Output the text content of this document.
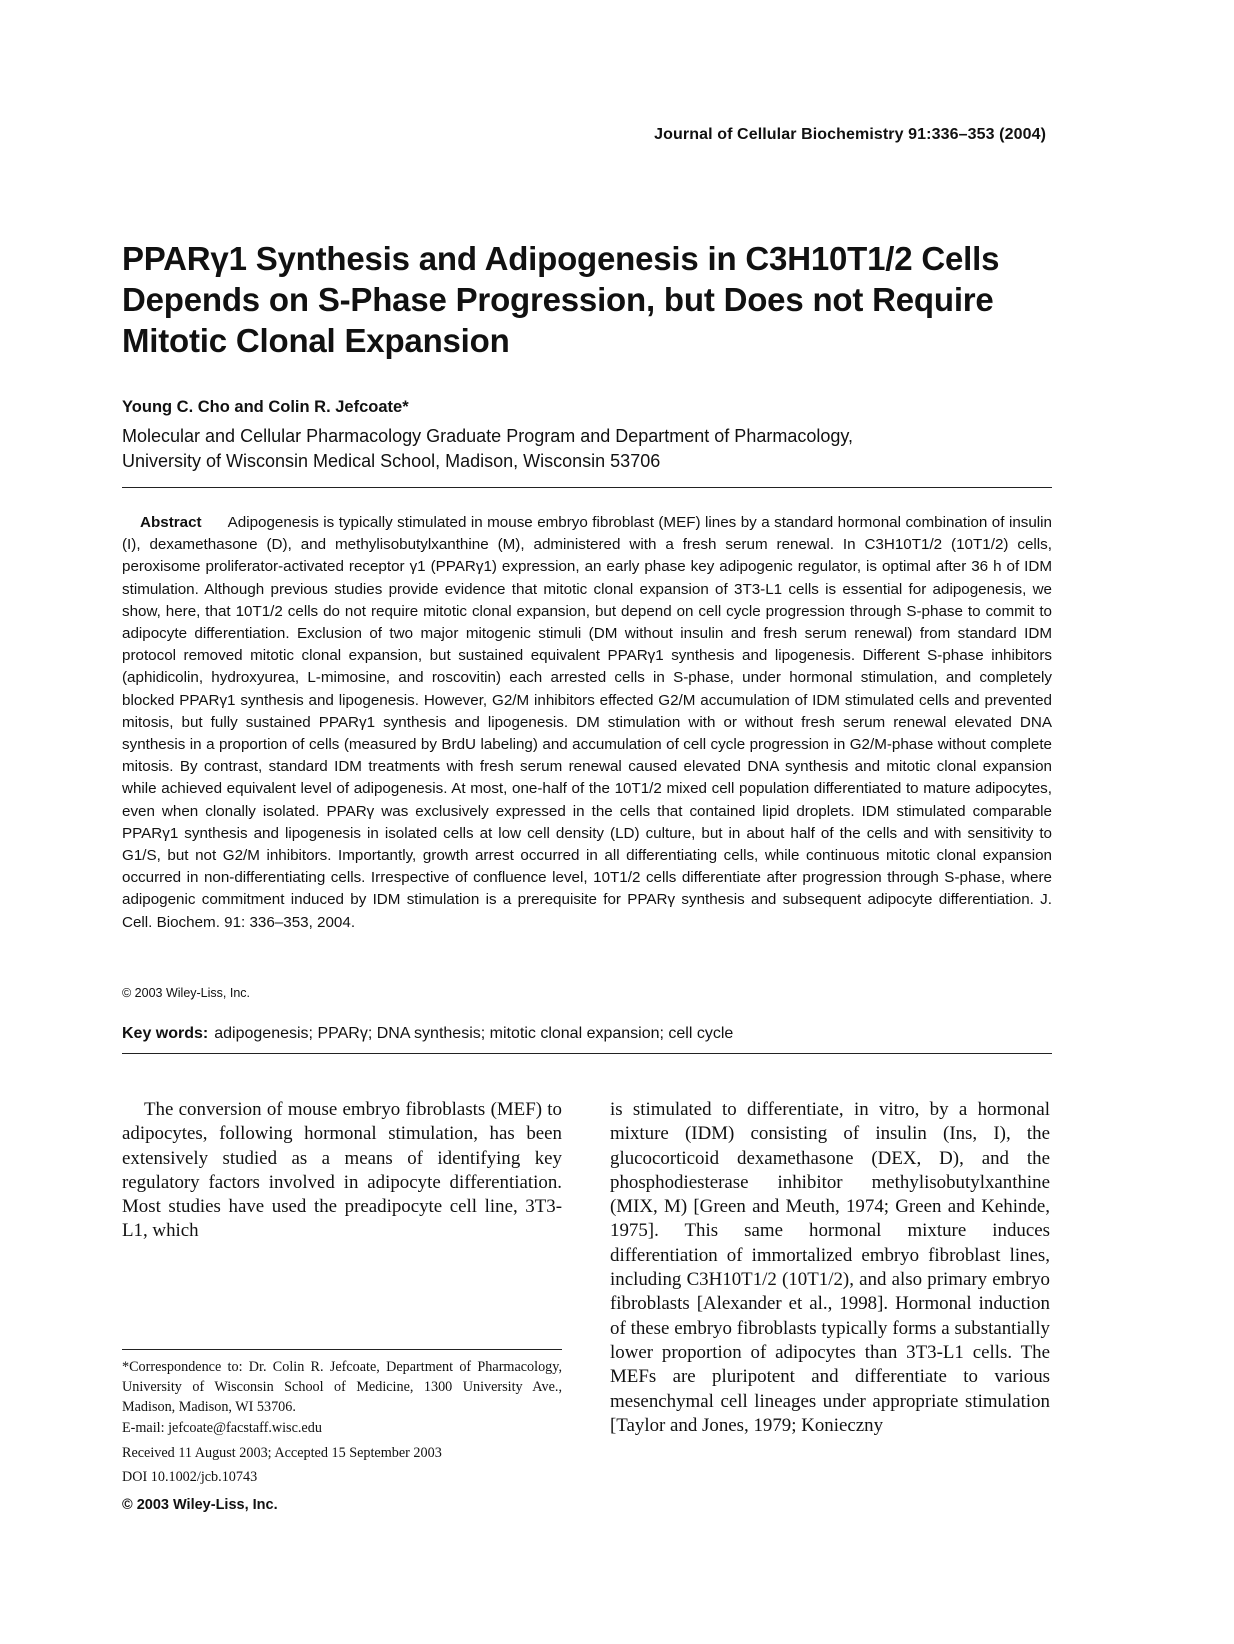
Journal of Cellular Biochemistry 91:336–353 (2004)
PPARγ1 Synthesis and Adipogenesis in C3H10T1/2 Cells
Depends on S-Phase Progression, but Does not Require
Mitotic Clonal Expansion
Young C. Cho and Colin R. Jefcoate*
Molecular and Cellular Pharmacology Graduate Program and Department of Pharmacology,
University of Wisconsin Medical School, Madison, Wisconsin 53706

Abstract Adipogenesis is typically stimulated in mouse embryo fibroblast (MEF) lines by a standard hormonal combination of insulin (I), dexamethasone (D), and methylisobutylxanthine (M), administered with a fresh serum renewal. In C3H10T1/2 (10T1/2) cells, peroxisome proliferator-activated receptor γ1 (PPARγ1) expression, an early phase key adipogenic regulator, is optimal after 36 h of IDM stimulation. Although previous studies provide evidence that mitotic clonal expansion of 3T3-L1 cells is essential for adipogenesis, we show, here, that 10T1/2 cells do not require mitotic clonal expansion, but depend on cell cycle progression through S-phase to commit to adipocyte differentiation. Exclusion of two major mitogenic stimuli (DM without insulin and fresh serum renewal) from standard IDM protocol removed mitotic clonal expansion, but sustained equivalent PPARγ1 synthesis and lipogenesis. Different S-phase inhibitors (aphidicolin, hydroxyurea, L-mimosine, and roscovitin) each arrested cells in S-phase, under hormonal stimulation, and completely blocked PPARγ1 synthesis and lipogenesis. However, G2/M inhibitors effected G2/M accumulation of IDM stimulated cells and prevented mitosis, but fully sustained PPARγ1 synthesis and lipogenesis. DM stimulation with or without fresh serum renewal elevated DNA synthesis in a proportion of cells (measured by BrdU labeling) and accumulation of cell cycle progression in G2/M-phase without complete mitosis. By contrast, standard IDM treatments with fresh serum renewal caused elevated DNA synthesis and mitotic clonal expansion while achieved equivalent level of adipogenesis. At most, one-half of the 10T1/2 mixed cell population differentiated to mature adipocytes, even when clonally isolated. PPARγ was exclusively expressed in the cells that contained lipid droplets. IDM stimulated comparable PPARγ1 synthesis and lipogenesis in isolated cells at low cell density (LD) culture, but in about half of the cells and with sensitivity to G1/S, but not G2/M inhibitors. Importantly, growth arrest occurred in all differentiating cells, while continuous mitotic clonal expansion occurred in non-differentiating cells. Irrespective of confluence level, 10T1/2 cells differentiate after progression through S-phase, where adipogenic commitment induced by IDM stimulation is a prerequisite for PPARγ synthesis and subsequent adipocyte differentiation. J. Cell. Biochem. 91: 336–353, 2004.

© 2003 Wiley-Liss, Inc.
Key words: adipogenesis; PPARγ; DNA synthesis; mitotic clonal expansion; cell cycle

The conversion of mouse embryo fibroblasts (MEF) to adipocytes, following hormonal stimulation, has been extensively studied as a means of identifying key regulatory factors involved in adipocyte differentiation. Most studies have used the preadipocyte cell line, 3T3-L1, which

is stimulated to differentiate, in vitro, by a hormonal mixture (IDM) consisting of insulin (Ins, I), the glucocorticoid dexamethasone (DEX, D), and the phosphodiesterase inhibitor methylisobutylxanthine (MIX, M) [Green and Meuth, 1974; Green and Kehinde, 1975]. This same hormonal mixture induces differentiation of immortalized embryo fibroblast lines, including C3H10T1/2 (10T1/2), and also primary embryo fibroblasts [Alexander et al., 1998]. Hormonal induction of these embryo fibroblasts typically forms a substantially lower proportion of adipocytes than 3T3-L1 cells. The MEFs are pluripotent and differentiate to various mesenchymal cell lineages under appropriate stimulation [Taylor and Jones, 1979; Konieczny

*Correspondence to: Dr. Colin R. Jefcoate, Department of Pharmacology, University of Wisconsin School of Medicine, 1300 University Ave., Madison, Madison, WI 53706.

E-mail: jefcoate@facstaff.wisc.edu

Received 11 August 2003; Accepted 15 September 2003

DOI 10.1002/jcb.10743

© 2003 Wiley-Liss, Inc.
